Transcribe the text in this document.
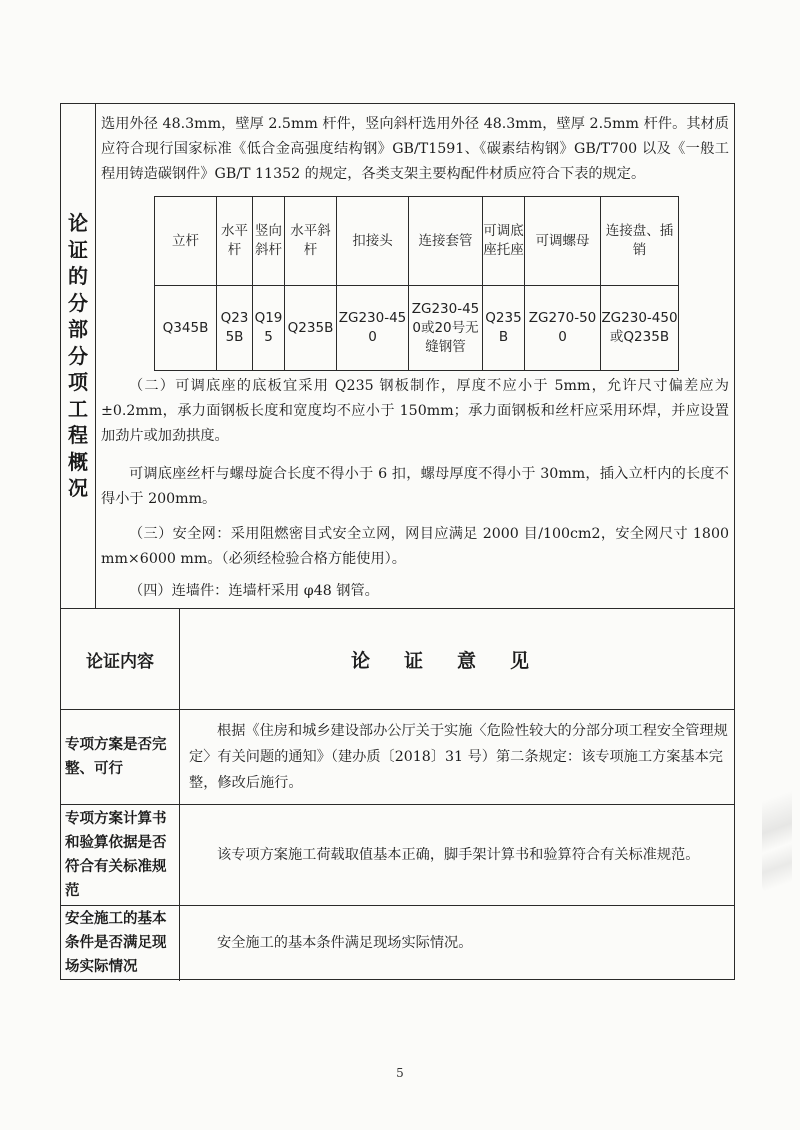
论
证
的
分
部
分
项
工
程
概
况

选用外径 48.3mm，壁厚 2.5mm 杆件，竖向斜杆选用外径 48.3mm，壁厚 2.5mm 杆件。其材质应符合现行国家标准《低合金高强度结构钢》GB/T1591、《碳素结构钢》GB/T700 以及《一般工程用铸造碳钢件》GB/T 11352 的规定，各类支架主要构配件材质应符合下表的规定。

立杆	水平杆	竖向斜杆	水平斜杆	扣接头	连接套管	可调底座托座	可调螺母	连接盘、插销
Q345B	Q235B	Q195	Q235B	ZG230-450	ZG230-450或20号无缝钢管	Q235B	ZG270-500	ZG230-450或Q235B

（二）可调底座的底板宜采用 Q235 钢板制作，厚度不应小于 5mm，允许尺寸偏差应为±0.2mm，承力面钢板长度和宽度均不应小于 150mm；承力面钢板和丝杆应采用环焊，并应设置加劲片或加劲拱度。

可调底座丝杆与螺母旋合长度不得小于 6 扣，螺母厚度不得小于 30mm，插入立杆内的长度不得小于 200mm。

（三）安全网：采用阻燃密目式安全立网，网目应满足 2000 目/100cm2，安全网尺寸 1800 mm×6000 mm。（必须经检验合格方能使用）。

（四）连墙件：连墙杆采用 φ48 钢管。

论证内容	论证意见
专项方案是否完整、可行
根据《住房和城乡建设部办公厅关于实施〈危险性较大的分部分项工程安全管理规定〉有关问题的通知》（建办质〔2018〕31 号）第二条规定：该专项施工方案基本完整，修改后施行。
专项方案计算书和验算依据是否符合有关标准规范
该专项方案施工荷载取值基本正确，脚手架计算书和验算符合有关标准规范。
安全施工的基本条件是否满足现场实际情况
安全施工的基本条件满足现场实际情况。
5
